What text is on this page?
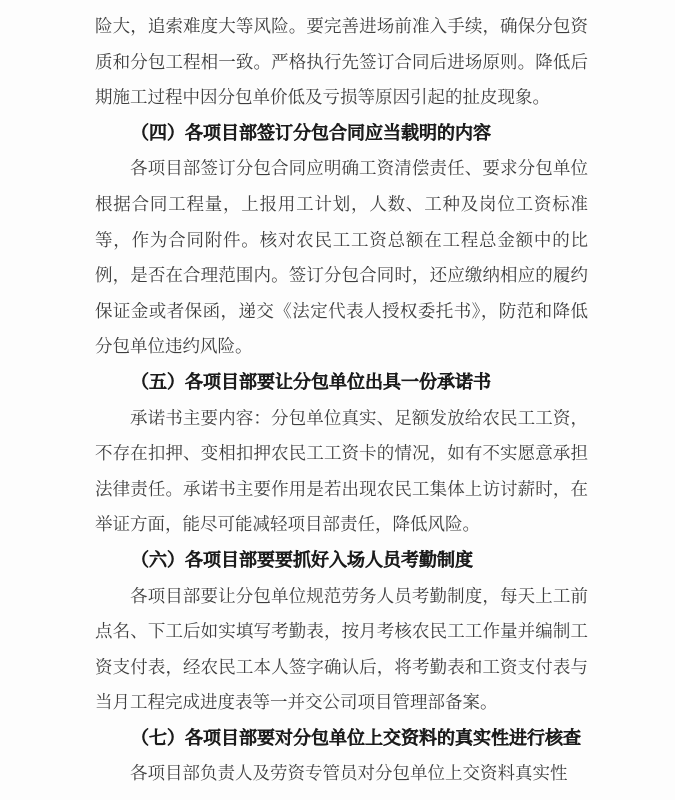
险大，追索难度大等风险。要完善进场前准入手续，确保分包资质和分包工程相一致。严格执行先签订合同后进场原则。降低后期施工过程中因分包单价低及亏损等原因引起的扯皮现象。

（四）各项目部签订分包合同应当载明的内容

各项目部签订分包合同应明确工资清偿责任、要求分包单位根据合同工程量，上报用工计划，人数、工种及岗位工资标准等，作为合同附件。核对农民工工资总额在工程总金额中的比例，是否在合理范围内。签订分包合同时，还应缴纳相应的履约保证金或者保函，递交《法定代表人授权委托书》，防范和降低分包单位违约风险。

（五）各项目部要让分包单位出具一份承诺书

承诺书主要内容：分包单位真实、足额发放给农民工工资，不存在扣押、变相扣押农民工工资卡的情况，如有不实愿意承担法律责任。承诺书主要作用是若出现农民工集体上访讨薪时，在举证方面，能尽可能减轻项目部责任，降低风险。

（六）各项目部要要抓好入场人员考勤制度

各项目部要让分包单位规范劳务人员考勤制度，每天上工前点名、下工后如实填写考勤表，按月考核农民工工作量并编制工资支付表，经农民工本人签字确认后，将考勤表和工资支付表与当月工程完成进度表等一并交公司项目管理部备案。

（七）各项目部要对分包单位上交资料的真实性进行核查

各项目部负责人及劳资专管员对分包单位上交资料真实性
